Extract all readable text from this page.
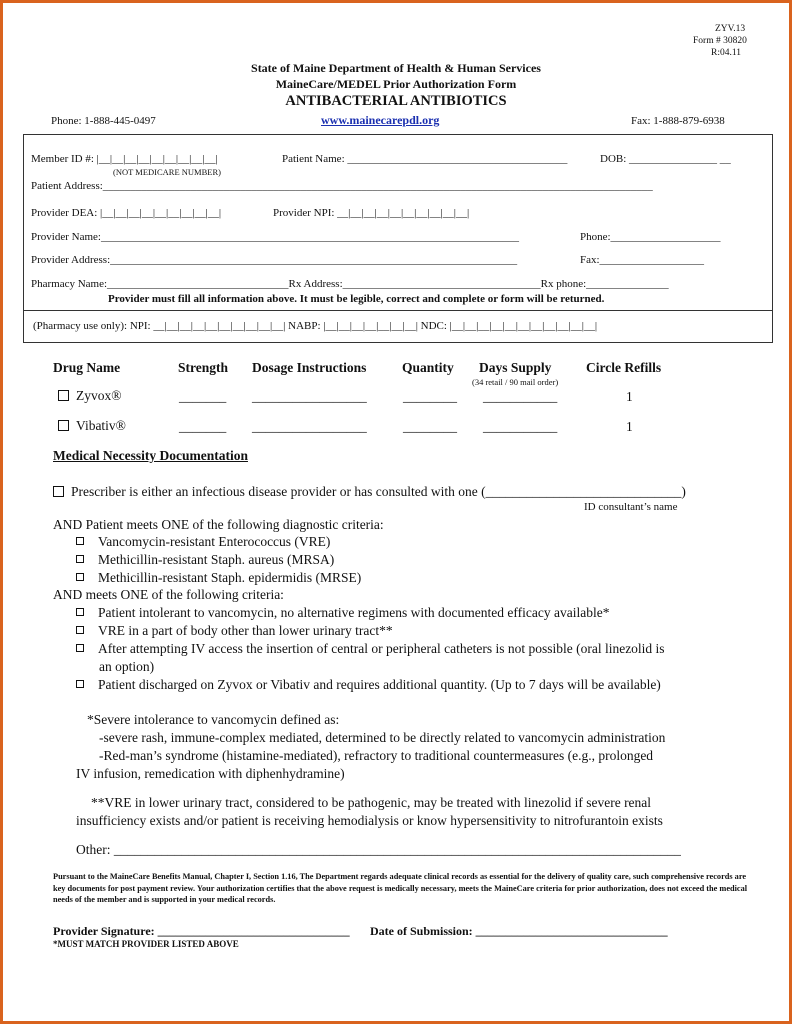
ZYV.13
Form # 30820
R:04.11
State of Maine Department of Health & Human Services
MaineCare/MEDEL Prior Authorization Form
ANTIBACTERIAL ANTIBIOTICS
Phone: 1-888-445-0497	www.mainecarepdl.org	Fax: 1-888-879-6938
Member ID #: |__|__|__|__|__|__|__|__|__|
(NOT MEDICARE NUMBER)
Patient Name: ________________________________________	DOB: ________________ __
Patient Address:____________________________________________________________________________________________________
Provider DEA: |__|__|__|__|__|__|__|__|__|	Provider NPI: __|__|__|__|__|__|__|__|__|__|
Provider Name:____________________________________________________________________________	Phone:____________________
Provider Address:__________________________________________________________________________	Fax:___________________
Pharmacy Name:_________________________________Rx Address:____________________________________Rx phone:_______________
Provider must fill all information above. It must be legible, correct and complete or form will be returned.
(Pharmacy use only): NPI: __|__|__|__|__|__|__|__|__|__| NABP: |__|__|__|__|__|__|__| NDC: |__|__|__|__|__|__|__|__|__|__|__|
Drug Name	Strength Dosage Instructions	Quantity Days Supply	Circle Refills
(34 retail / 90 mail order)
Zyvox®	_______ _________________	________ ___________	1
Vibativ®	_______ _________________	________ ___________	1
Medical Necessity Documentation
Prescriber is either an infectious disease provider or has consulted with one (_____________________________)
ID consultant’s name
AND Patient meets ONE of the following diagnostic criteria:
Vancomycin-resistant Enterococcus (VRE)
Methicillin-resistant Staph. aureus (MRSA)
Methicillin-resistant Staph. epidermidis (MRSE)
AND meets ONE of the following criteria:
Patient intolerant to vancomycin, no alternative regimens with documented efficacy available*
VRE in a part of body other than lower urinary tract**
After attempting IV access the insertion of central or peripheral catheters is not possible (oral linezolid is
an option)
Patient discharged on Zyvox or Vibativ and requires additional quantity. (Up to 7 days will be available)
*Severe intolerance to vancomycin defined as:
-severe rash, immune-complex mediated, determined to be directly related to vancomycin administration
-Red-man’s syndrome (histamine-mediated), refractory to traditional countermeasures (e.g., prolonged
IV infusion, remedication with diphenhydramine)
**VRE in lower urinary tract, considered to be pathogenic, may be treated with linezolid if severe renal
insufficiency exists and/or patient is receiving hemodialysis or know hypersensitivity to nitrofurantoin exists
Other: ____________________________________________________________________________________
Pursuant to the MaineCare Benefits Manual, Chapter I, Section 1.16, The Department regards adequate clinical records as essential for the delivery of quality care, such comprehensive records are key documents for post payment review. Your authorization certifies that the above request is medically necessary, meets the MaineCare criteria for prior authorization, does not exceed the medical needs of the member and is supported in your medical records.
Provider Signature: ________________________________ Date of Submission: ________________________________
*MUST MATCH PROVIDER LISTED ABOVE
